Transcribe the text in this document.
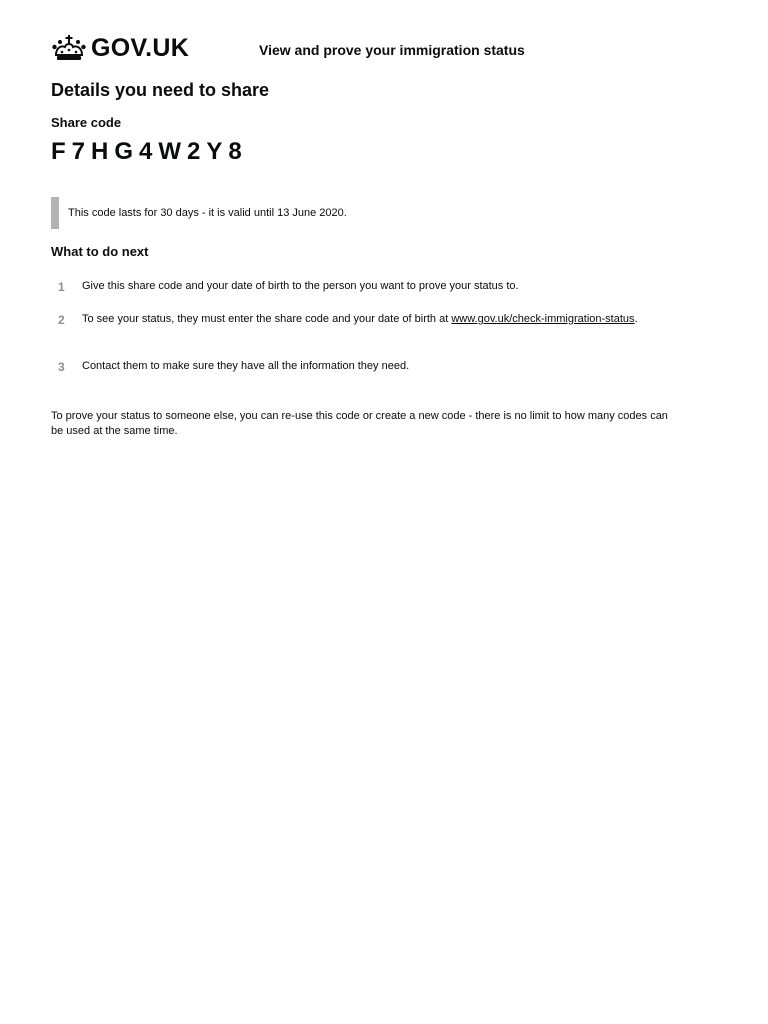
GOV.UK	View and prove your immigration status
Details you need to share
Share code
F7HG4W2Y8
This code lasts for 30 days - it is valid until 13 June 2020.
What to do next
1 Give this share code and your date of birth to the person you want to prove your status to.
2 To see your status, they must enter the share code and your date of birth at www.gov.uk/check-immigration-status.
3 Contact them to make sure they have all the information they need.
To prove your status to someone else, you can re-use this code or create a new code - there is no limit to how many codes can be used at the same time.
